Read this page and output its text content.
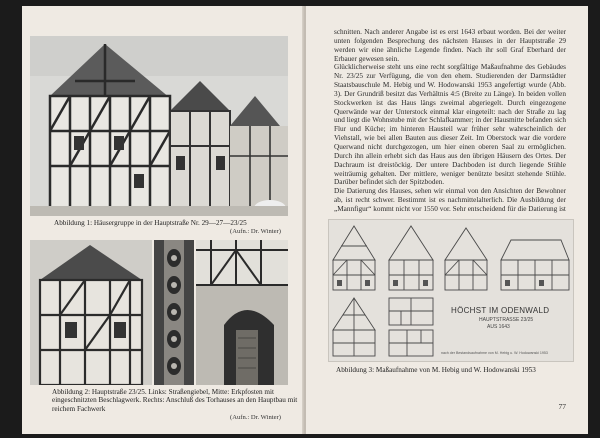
Abbildung 1: Häusergruppe in der Hauptstraße Nr. 29—27—23/25
(Aufn.: Dr. Winter)
Abbildung 2: Hauptstraße 23/25. Links: Straßengiebel, Mitte: Erkpfosten mit eingeschnitzten Beschlagwerk. Rechts: Anschluß des Torhauses an den Hauptbau mit reichem Fachwerk
(Aufn.: Dr. Winter)

schnitten. Nach anderer Angabe ist es erst 1643 erbaut worden. Bei der weiter unten folgenden Besprechung des nächsten Hauses in der Hauptstraße 29 werden wir eine ähnliche Legende finden. Nach ihr soll Graf Eberhard der Erbauer gewesen sein.

Glücklicherweise steht uns eine recht sorgfältige Maßaufnahme des Gebäudes Nr. 23/25 zur Verfügung, die von den ehem. Studierenden der Darmstädter Staatsbauschule M. Hebig und W. Hodowanski 1953 angefertigt wurde (Abb. 3). Der Grundriß besitzt das Verhältnis 4:5 (Breite zu Länge). In beiden vollen Stockwerken ist das Haus längs zweimal abgeriegelt. Durch eingezogene Querwände war der Unterstock einmal klar eingeteilt: nach der Straße zu lag und liegt die Wohnstube mit der Schlafkammer; in der Hausmitte befanden sich Flur und Küche; im hinteren Hausteil war früher sehr wahrscheinlich der Viehstall, wie bei allen Bauten aus dieser Zeit. Im Oberstock war die vordere Querwand nicht durchgezogen, um hier einen oberen Saal zu ermöglichen. Durch ihn allein erhebt sich das Haus aus den übrigen Häusern des Ortes. Der Dachraum ist dreistöckig. Der untere Dachboden ist durch liegende Stühle weiträumig gehalten. Der mittlere, weniger benützte besitzt stehende Stühle. Darüber befindet sich der Spitzboden.

Die Datierung des Hauses, sehen wir einmal von den Ansichten der Bewohner ab, ist recht schwer. Bestimmt ist es nachmittelalterlich. Die Ausbildung der „Mannfigur“ kommt nicht vor 1550 vor. Sehr entscheidend für die Datierung ist

HÖCHST IM ODENWALD
HAUPTSTRASSE 23/25
AUS 1643
nach der Bestandsaufnahme von M. Hebig u. W. Hodowanski 1953
Abbildung 3: Maßaufnahme von M. Hebig und W. Hodowanski 1953
77
